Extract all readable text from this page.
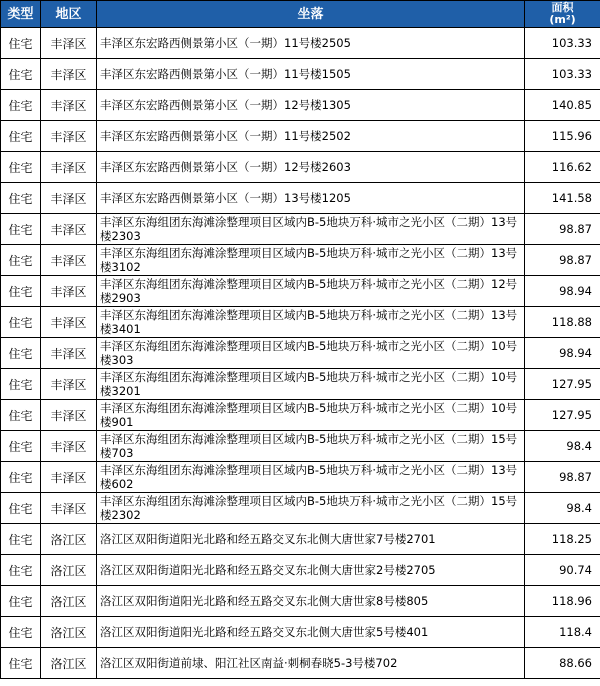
类型	地区	坐落	面积
(m²)
住宅	丰泽区	丰泽区东宏路西侧景第小区（一期）11号楼2505	103.33
住宅	丰泽区	丰泽区东宏路西侧景第小区（一期）11号楼1505	103.33
住宅	丰泽区	丰泽区东宏路西侧景第小区（一期）12号楼1305	140.85
住宅	丰泽区	丰泽区东宏路西侧景第小区（一期）11号楼2502	115.96
住宅	丰泽区	丰泽区东宏路西侧景第小区（一期）12号楼2603	116.62
住宅	丰泽区	丰泽区东宏路西侧景第小区（一期）13号楼1205	141.58
住宅	丰泽区	丰泽区东海组团东海滩涂整理项目区域内B-5地块万科·城市之光小区（二期）13号楼2303	98.87
住宅	丰泽区	丰泽区东海组团东海滩涂整理项目区域内B-5地块万科·城市之光小区（二期）13号楼3102	98.87
住宅	丰泽区	丰泽区东海组团东海滩涂整理项目区域内B-5地块万科·城市之光小区（二期）12号楼2903	98.94
住宅	丰泽区	丰泽区东海组团东海滩涂整理项目区域内B-5地块万科·城市之光小区（二期）13号楼3401	118.88
住宅	丰泽区	丰泽区东海组团东海滩涂整理项目区域内B-5地块万科·城市之光小区（二期）10号楼303	98.94
住宅	丰泽区	丰泽区东海组团东海滩涂整理项目区域内B-5地块万科·城市之光小区（二期）10号楼3201	127.95
住宅	丰泽区	丰泽区东海组团东海滩涂整理项目区域内B-5地块万科·城市之光小区（二期）10号楼901	127.95
住宅	丰泽区	丰泽区东海组团东海滩涂整理项目区域内B-5地块万科·城市之光小区（二期）15号楼703	98.4
住宅	丰泽区	丰泽区东海组团东海滩涂整理项目区域内B-5地块万科·城市之光小区（二期）13号楼602	98.87
住宅	丰泽区	丰泽区东海组团东海滩涂整理项目区域内B-5地块万科·城市之光小区（二期）15号楼2302	98.4
住宅	洛江区	洛江区双阳街道阳光北路和经五路交叉东北侧大唐世家7号楼2701	118.25
住宅	洛江区	洛江区双阳街道阳光北路和经五路交叉东北侧大唐世家2号楼2705	90.74
住宅	洛江区	洛江区双阳街道阳光北路和经五路交叉东北侧大唐世家8号楼805	118.96
住宅	洛江区	洛江区双阳街道阳光北路和经五路交叉东北侧大唐世家5号楼401	118.4
住宅	洛江区	洛江区双阳街道前埭、阳江社区南益·刺桐春晓5-3号楼702	88.66
